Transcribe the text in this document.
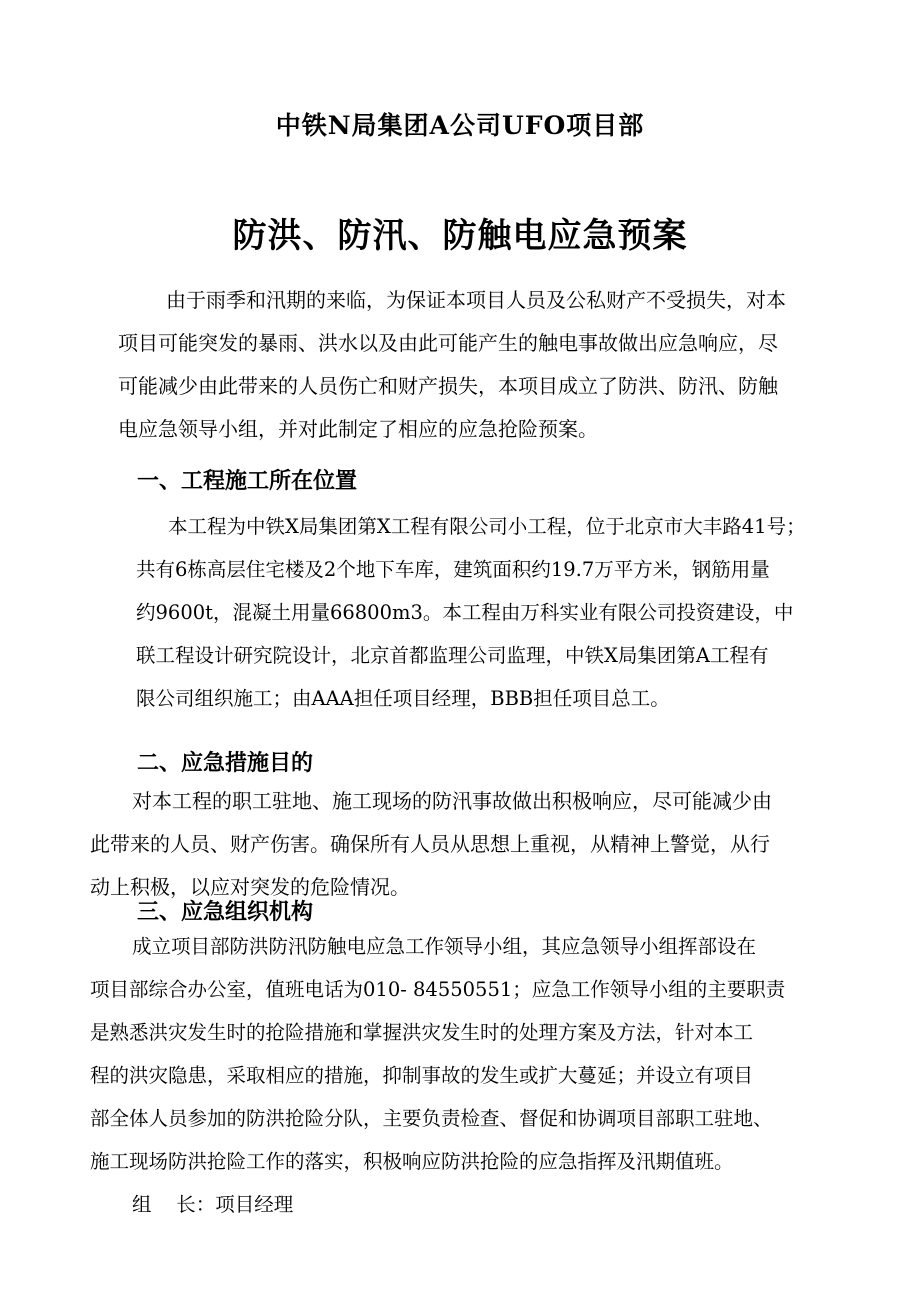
中铁N局集团A公司UFO项目部
防洪、防汛、防触电应急预案
由于雨季和汛期的来临，为保证本项目人员及公私财产不受损失，对本
项目可能突发的暴雨、洪水以及由此可能产生的触电事故做出应急响应，尽
可能减少由此带来的人员伤亡和财产损失，本项目成立了防洪、防汛、防触
电应急领导小组，并对此制定了相应的应急抢险预案。
一、工程施工所在位置
本工程为中铁X局集团第X工程有限公司小工程，位于北京市大丰路41号；
共有6栋高层住宅楼及2个地下车库，建筑面积约19.7万平方米，钢筋用量
约9600t，混凝土用量66800m3。本工程由万科实业有限公司投资建设，中
联工程设计研究院设计，北京首都监理公司监理，中铁X局集团第A工程有
限公司组织施工；由AAA担任项目经理，BBB担任项目总工。
二、应急措施目的
对本工程的职工驻地、施工现场的防汛事故做出积极响应，尽可能减少由
此带来的人员、财产伤害。确保所有人员从思想上重视，从精神上警觉，从行
动上积极，以应对突发的危险情况。
三、应急组织机构
成立项目部防洪防汛防触电应急工作领导小组，其应急领导小组挥部设在
项目部综合办公室，值班电话为010- 84550551；应急工作领导小组的主要职责
是熟悉洪灾发生时的抢险措施和掌握洪灾发生时的处理方案及方法，针对本工
程的洪灾隐患，采取相应的措施，抑制事故的发生或扩大蔓延；并设立有项目
部全体人员参加的防洪抢险分队，主要负责检查、督促和协调项目部职工驻地、
施工现场防洪抢险工作的落实，积极响应防洪抢险的应急指挥及汛期值班。
组    长：项目经理
